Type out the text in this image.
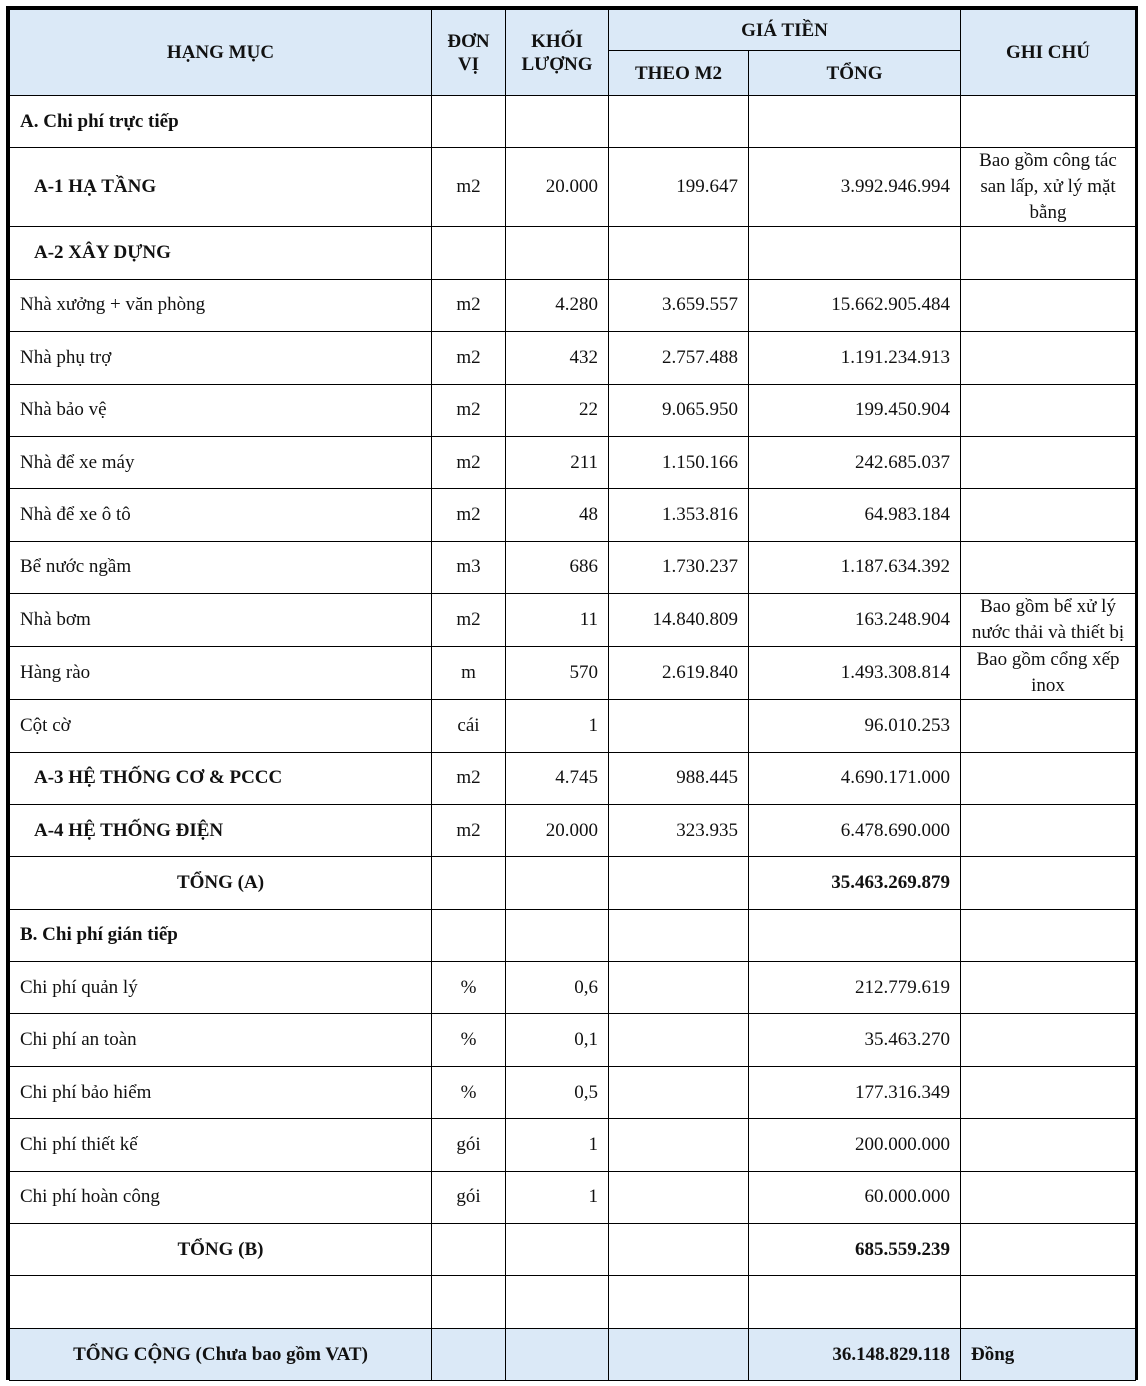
HẠNG MỤC	ĐƠN VỊ	KHỐI LƯỢNG	GIÁ TIỀN		GHI CHÚ
			THEO M2	TỔNG	
A. Chi phí trực tiếp					
A-1 HẠ TẦNG	m2	20.000	199.647	3.992.946.994	Bao gồm công tác san lấp, xử lý mặt bằng
A-2 XÂY DỰNG					
Nhà xưởng + văn phòng	m2	4.280	3.659.557	15.662.905.484	
Nhà phụ trợ	m2	432	2.757.488	1.191.234.913	
Nhà bảo vệ	m2	22	9.065.950	199.450.904	
Nhà để xe máy	m2	211	1.150.166	242.685.037	
Nhà để xe ô tô	m2	48	1.353.816	64.983.184	
Bể nước ngầm	m3	686	1.730.237	1.187.634.392	
Nhà bơm	m2	11	14.840.809	163.248.904	Bao gồm bể xử lý nước thải và thiết bị
Hàng rào	m	570	2.619.840	1.493.308.814	Bao gồm cổng xếp inox
Cột cờ	cái	1		96.010.253	
A-3 HỆ THỐNG CƠ & PCCC	m2	4.745	988.445	4.690.171.000	
A-4 HỆ THỐNG ĐIỆN	m2	20.000	323.935	6.478.690.000	
TỔNG (A)				35.463.269.879	
B. Chi phí gián tiếp					
Chi phí quản lý	%	0,6		212.779.619	
Chi phí an toàn	%	0,1		35.463.270	
Chi phí bảo hiểm	%	0,5		177.316.349	
Chi phí thiết kế	gói	1		200.000.000	
Chi phí hoàn công	gói	1		60.000.000	
TỔNG (B)				685.559.239	

TỔNG CỘNG (Chưa bao gồm VAT)				36.148.829.118	Đồng
